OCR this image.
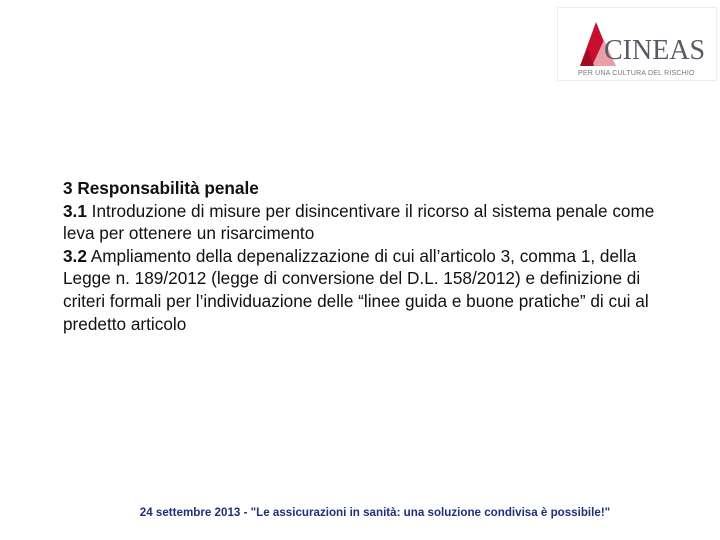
CINEAS
PER UNA CULTURA DEL RISCHIO

3 Responsabilità penale

3.1 Introduzione di misure per disincentivare il ricorso al sistema penale come leva per ottenere un risarcimento

3.2 Ampliamento della depenalizzazione di cui all’articolo 3, comma 1, della Legge n. 189/2012 (legge di conversione del D.L. 158/2012) e definizione di criteri formali per l’individuazione delle “linee guida e buone pratiche” di cui al predetto articolo

24 settembre 2013 - "Le assicurazioni in sanità: una soluzione condivisa è possibile!"
